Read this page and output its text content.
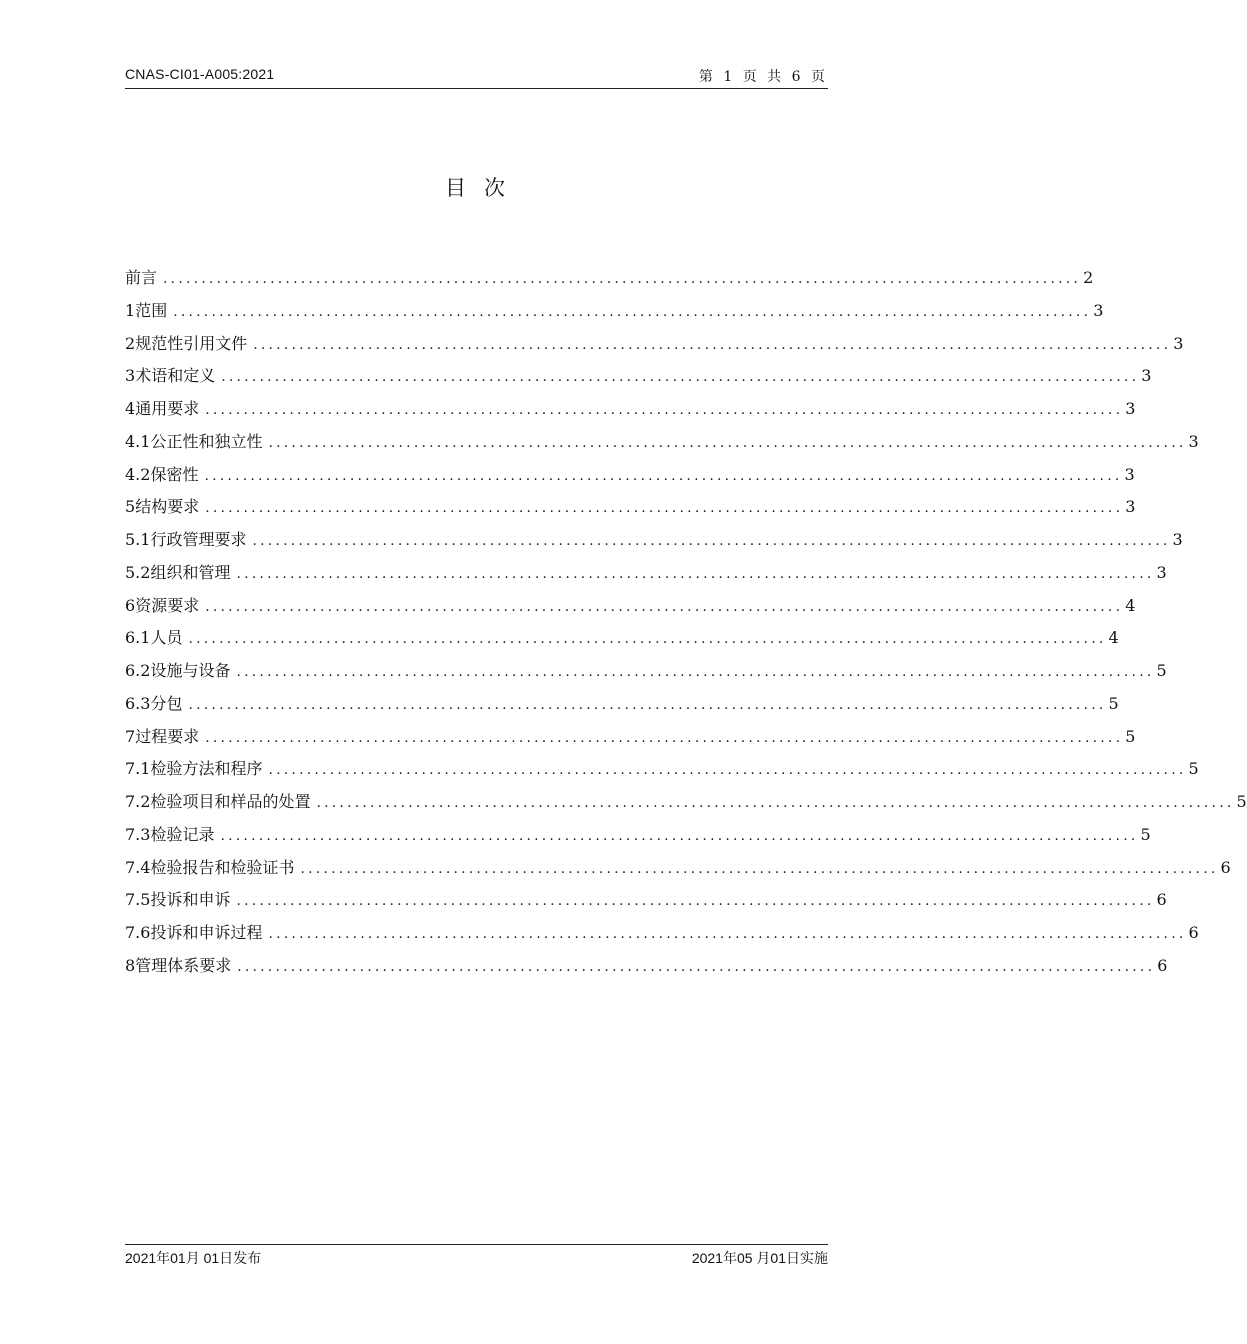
CNAS-CI01-A005:2021	第 1 页 共 6 页
目次
前 言 ........................................................................................................................ 2
1 范围 ........................................................................................................................ 3
2 规范性引用文件 ........................................................................................................................ 3
3 术语和定义 ........................................................................................................................ 3
4 通用要求 ........................................................................................................................ 3
4.1 公正性和独立性 ........................................................................................................................ 3
4.2 保密性 ........................................................................................................................ 3
5 结构要求 ........................................................................................................................ 3
5.1 行政管理要求 ........................................................................................................................ 3
5.2 组织和管理 ........................................................................................................................ 3
6 资源要求 ........................................................................................................................ 4
6.1 人员 ........................................................................................................................ 4
6.2 设施与设备 ........................................................................................................................ 5
6.3 分包 ........................................................................................................................ 5
7 过程要求 ........................................................................................................................ 5
7.1 检验方法和程序 ........................................................................................................................ 5
7.2 检验项目和样品的处置 ........................................................................................................................ 5
7.3 检验记录 ........................................................................................................................ 5
7.4 检验报告和检验证书 ........................................................................................................................ 6
7.5 投诉和申诉 ........................................................................................................................ 6
7.6 投诉和申诉过程 ........................................................................................................................ 6
8 管理体系要求 ........................................................................................................................ 6
2021年01月 01日发布	2021年05 月01日实施
